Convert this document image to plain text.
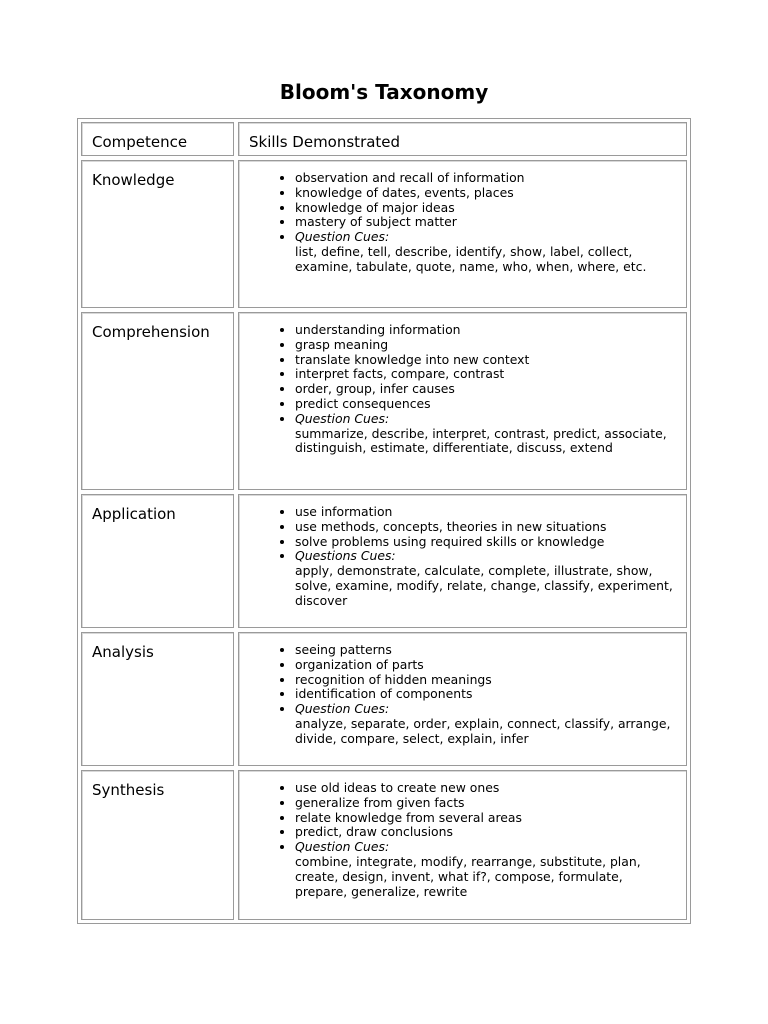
Bloom's Taxonomy
Competence	Skills Demonstrated
Knowledge	• observation and recall of information
• knowledge of dates, events, places
• knowledge of major ideas
• mastery of subject matter
• Question Cues:
list, define, tell, describe, identify, show, label, collect, examine, tabulate, quote, name, who, when, where, etc.
Comprehension	• understanding information
• grasp meaning
• translate knowledge into new context
• interpret facts, compare, contrast
• order, group, infer causes
• predict consequences
• Question Cues:
summarize, describe, interpret, contrast, predict, associate, distinguish, estimate, differentiate, discuss, extend
Application	• use information
• use methods, concepts, theories in new situations
• solve problems using required skills or knowledge
• Questions Cues:
apply, demonstrate, calculate, complete, illustrate, show, solve, examine, modify, relate, change, classify, experiment, discover
Analysis	• seeing patterns
• organization of parts
• recognition of hidden meanings
• identification of components
• Question Cues:
analyze, separate, order, explain, connect, classify, arrange, divide, compare, select, explain, infer
Synthesis	• use old ideas to create new ones
• generalize from given facts
• relate knowledge from several areas
• predict, draw conclusions
• Question Cues:
combine, integrate, modify, rearrange, substitute, plan, create, design, invent, what if?, compose, formulate, prepare, generalize, rewrite
